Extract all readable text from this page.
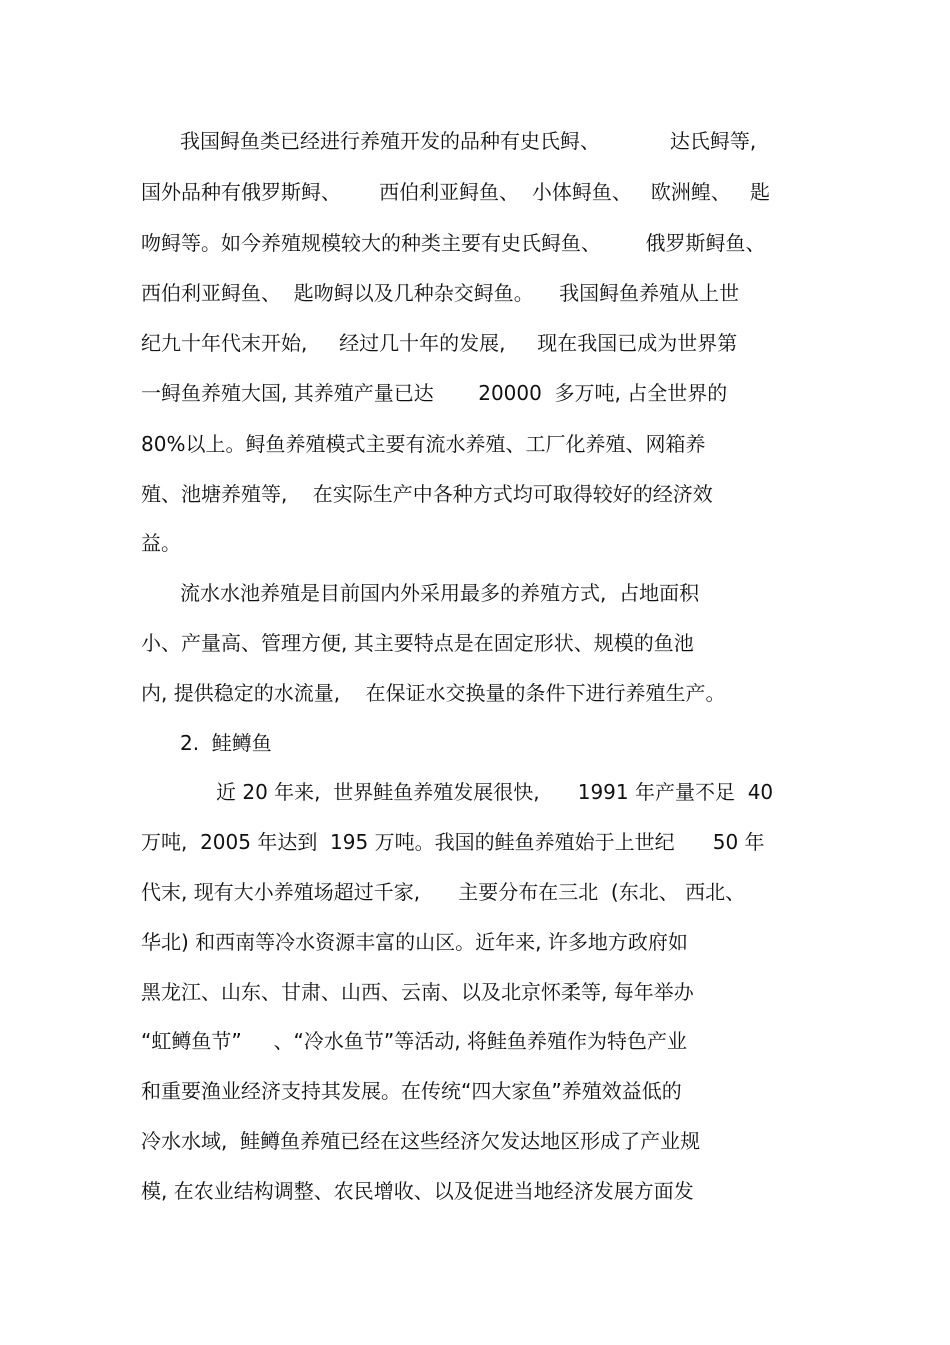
我国鲟鱼类已经进行养殖开发的品种有史氏鲟、           达氏鲟等,
国外品种有俄罗斯鲟、      西伯利亚鲟鱼、  小体鲟鱼、   欧洲鳇、   匙
吻鲟等。如今养殖规模较大的种类主要有史氏鲟鱼、       俄罗斯鲟鱼、
西伯利亚鲟鱼、  匙吻鲟以及几种杂交鲟鱼。    我国鲟鱼养殖从上世
纪九十年代末开始,     经过几十年的发展,     现在我国已成为世界第
一鲟鱼养殖大国, 其养殖产量已达       20000  多万吨, 占全世界的
80%以上。鲟鱼养殖模式主要有流水养殖、工厂化养殖、网箱养
殖、池塘养殖等,    在实际生产中各种方式均可取得较好的经济效
益。
流水水池养殖是目前国内外采用最多的养殖方式,  占地面积
小、产量高、管理方便, 其主要特点是在固定形状、规模的鱼池
内, 提供稳定的水流量,    在保证水交换量的条件下进行养殖生产。
2.  鲑鳟鱼
近 20 年来,  世界鲑鱼养殖发展很快,      1991 年产量不足  40
万吨,  2005 年达到  195 万吨。我国的鲑鱼养殖始于上世纪      50 年
代末, 现有大小养殖场超过千家,      主要分布在三北  (东北、 西北、
华北) 和西南等冷水资源丰富的山区。近年来, 许多地方政府如
黑龙江、山东、甘肃、山西、云南、以及北京怀柔等, 每年举办
“虹鳟鱼节”     、“冷水鱼节”等活动, 将鲑鱼养殖作为特色产业
和重要渔业经济支持其发展。在传统“四大家鱼”养殖效益低的
冷水水域,  鲑鳟鱼养殖已经在这些经济欠发达地区形成了产业规
模, 在农业结构调整、农民增收、以及促进当地经济发展方面发
